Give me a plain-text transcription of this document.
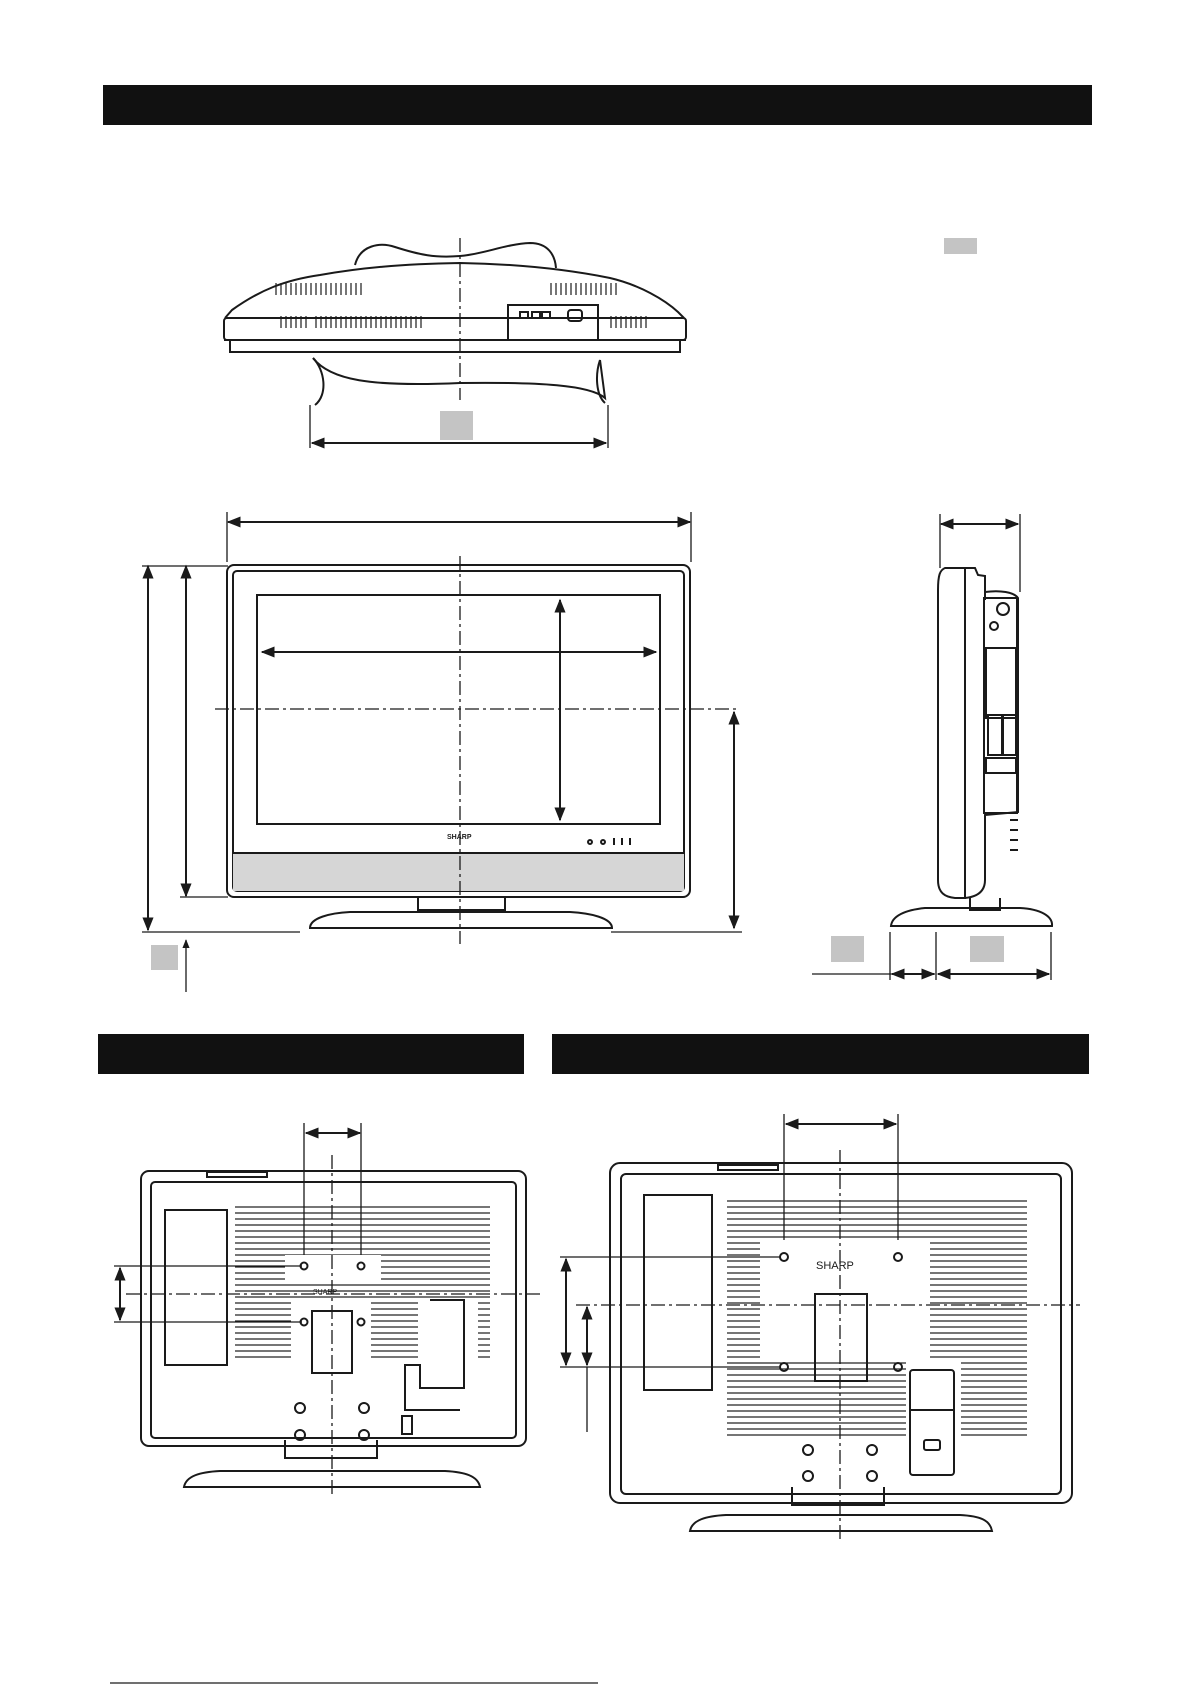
SHARP
SHARP
SHARP
